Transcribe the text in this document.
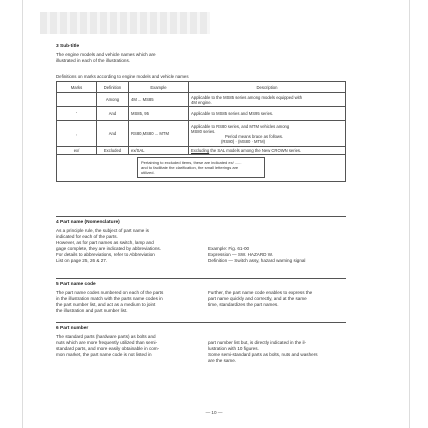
3 Sub-title
The engine models and vehicle names which are
illustrated in each of the illustrations.
Definitions on marks according to engine models and vehicle names
Marks	Definition	Example	Description
	Among	4M ... MS85	Applicable to the MS85 series among models equipped with
4M engine.

'	And	MS85, 95	Applicable to MS85 series and MS95 series.

,	And	RS80,MS80 ... MTM	Applicable to RS80 series, and MTM vehicles among
MS80 series.
Period means brace as follows.
(RS80) · (MS80 · MTM)

ex/	Excluded	ex/SAL	Excluding the SAL models among the New CROWN series.

Pertaining to excluded items, these are indicated ex/ ......
and to facilitate the clarification, the small letterings are
utilized.			
4 Part name (Nomenclature)
As a principle rule, the subject of part name is
indicated for each of the parts.
However, as for part names as switch, lamp and
gage complete, they are indicated by abbreviations.
For details to abbreviations, refer to Abbreviation
List on page 25, 26 & 27.
Example: Fig. 61-00
Expression — SW. HAZARD W.
Definition — Switch assy, hazard warning signal
5 Part name code
The part name codes numbered on each of the parts
in the illustration match with the parts name codes in
the part number list, and act as a medium to joint
the illustration and part number list.
Further, the part name code enables to express the
part name quickly and correctly, and at the same
time, standardizes the part names.
6 Part number
The standard parts (hardware parts) as bolts and
nuts which are more frequently utilized than semi-
standard parts, and more easily obtainable in com-
mon market, the part name code is not listed in
part number list but, is directly indicated in the il-
lustration with 10 figures.
Some semi-standard parts as bolts, nuts and washers
are the same.
— 10 —
